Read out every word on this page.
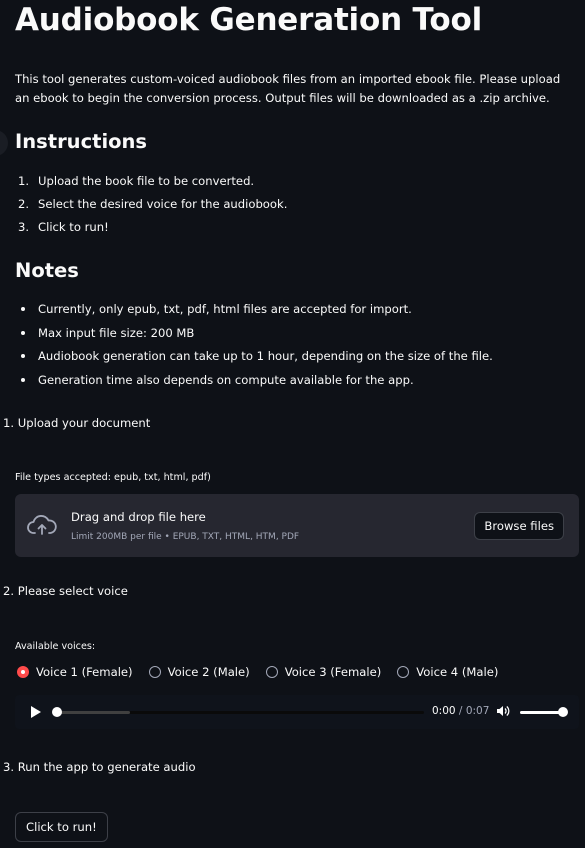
Audiobook Generation Tool
This tool generates custom-voiced audiobook files from an imported ebook file. Please upload an ebook to begin the conversion process. Output files will be downloaded as a .zip archive.
Instructions
1. Upload the book file to be converted.
2. Select the desired voice for the audiobook.
3. Click to run!
Notes
Currently, only epub, txt, pdf, html files are accepted for import.
Max input file size: 200 MB
Audiobook generation can take up to 1 hour, depending on the size of the file.
Generation time also depends on compute available for the app.
1. Upload your document
File types accepted: epub, txt, html, pdf)
Drag and drop file here
Limit 200MB per file • EPUB, TXT, HTML, HTM, PDF
Browse files
2. Please select voice
Available voices:
Voice 1 (Female)	Voice 2 (Male)	Voice 3 (Female)	Voice 4 (Male)
0:00 / 0:07
3. Run the app to generate audio
Click to run!
